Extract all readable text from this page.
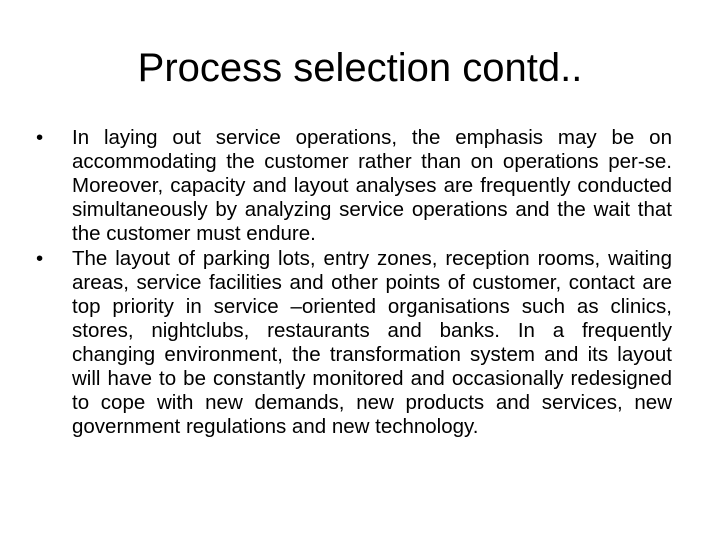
Process selection contd..
•	In laying out service operations, the emphasis may be on accommodating the customer rather than on operations per-se. Moreover, capacity and layout analyses are frequently conducted simultaneously by analyzing service operations and the wait that the customer must endure.
•	The layout of parking lots, entry zones, reception rooms, waiting areas, service facilities and other points of customer, contact are top priority in service –oriented organisations such as clinics, stores, nightclubs, restaurants and banks. In a frequently changing environment, the transformation system and its layout will have to be constantly monitored and occasionally redesigned to cope with new demands, new products and services, new government regulations and new technology.
